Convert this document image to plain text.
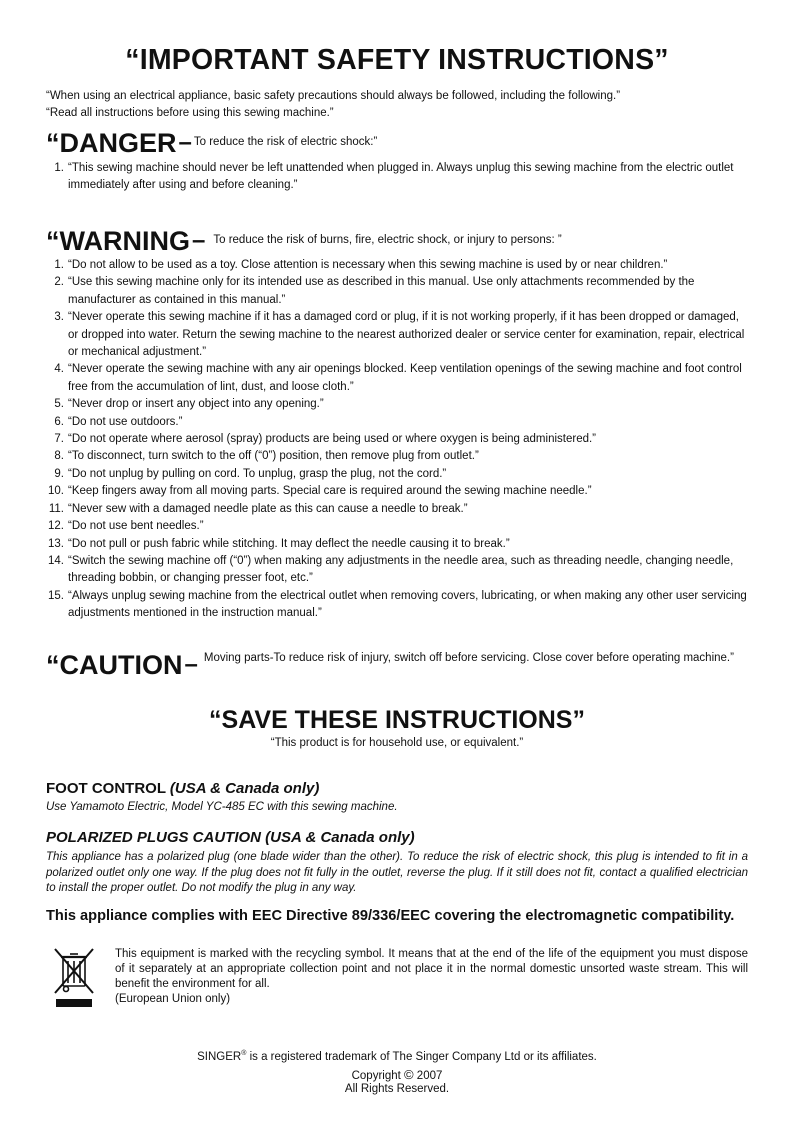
“IMPORTANT SAFETY INSTRUCTIONS”
“When using an electrical appliance, basic safety precautions should always be followed, including the following.”
“Read all instructions before using this sewing machine.”
“DANGER – To reduce the risk of electric shock:”
1. “This sewing machine should never be left unattended when plugged in. Always unplug this sewing machine from the electric outlet immediately after using and before cleaning.”
“WARNING – To reduce the risk of burns, fire, electric shock, or injury to persons: ”
1. “Do not allow to be used as a toy. Close attention is necessary when this sewing machine is used by or near children.”
2. “Use this sewing machine only for its intended use as described in this manual. Use only attachments recommended by the manufacturer as contained in this manual.”
3. “Never operate this sewing machine if it has a damaged cord or plug, if it is not working properly, if it has been dropped or damaged, or dropped into water. Return the sewing machine to the nearest authorized dealer or service center for examination, repair, electrical or mechanical adjustment.”
4. “Never operate the sewing machine with any air openings blocked. Keep ventilation openings of the sewing machine and foot control free from the accumulation of lint, dust, and loose cloth.”
5. “Never drop or insert any object into any opening.”
6. “Do not use outdoors.”
7. “Do not operate where aerosol (spray) products are being used or where oxygen is being administered.”
8. “To disconnect, turn switch to the off (“0”) position, then remove plug from outlet.”
9. “Do not unplug by pulling on cord. To unplug, grasp the plug, not the cord.”
10. “Keep fingers away from all moving parts. Special care is required around the sewing machine needle.”
11. “Never sew with a damaged needle plate as this can cause a needle to break.”
12. “Do not use bent needles.”
13. “Do not pull or push fabric while stitching. It may deflect the needle causing it to break.”
14. “Switch the sewing machine off (“0”) when making any adjustments in the needle area, such as threading needle, changing needle, threading bobbin, or changing presser foot, etc.”
15. “Always unplug sewing machine from the electrical outlet when removing covers, lubricating, or when making any other user servicing adjustments mentioned in the instruction manual.”
“CAUTION – Moving parts-To reduce risk of injury, switch off before servicing. Close cover before operating machine.”
“SAVE THESE INSTRUCTIONS”
“This product is for household use, or equivalent.”
FOOT CONTROL (USA & Canada only)
Use Yamamoto Electric, Model YC-485 EC with this sewing machine.
POLARIZED PLUGS CAUTION (USA & Canada only)
This appliance has a polarized plug (one blade wider than the other). To reduce the risk of electric shock, this plug is intended to fit in a polarized outlet only one way. If the plug does not fit fully in the outlet, reverse the plug. If it still does not fit, contact a qualified electrician to install the proper outlet. Do not modify the plug in any way.
This appliance complies with EEC Directive 89/336/EEC covering the electromagnetic compatibility.
This equipment is marked with the recycling symbol. It means that at the end of the life of the equipment you must dispose of it separately at an appropriate collection point and not place it in the normal domestic unsorted waste stream. This will benefit the environment for all.
(European Union only)
SINGER® is a registered trademark of The Singer Company Ltd or its affiliates.
Copyright © 2007
All Rights Reserved.
